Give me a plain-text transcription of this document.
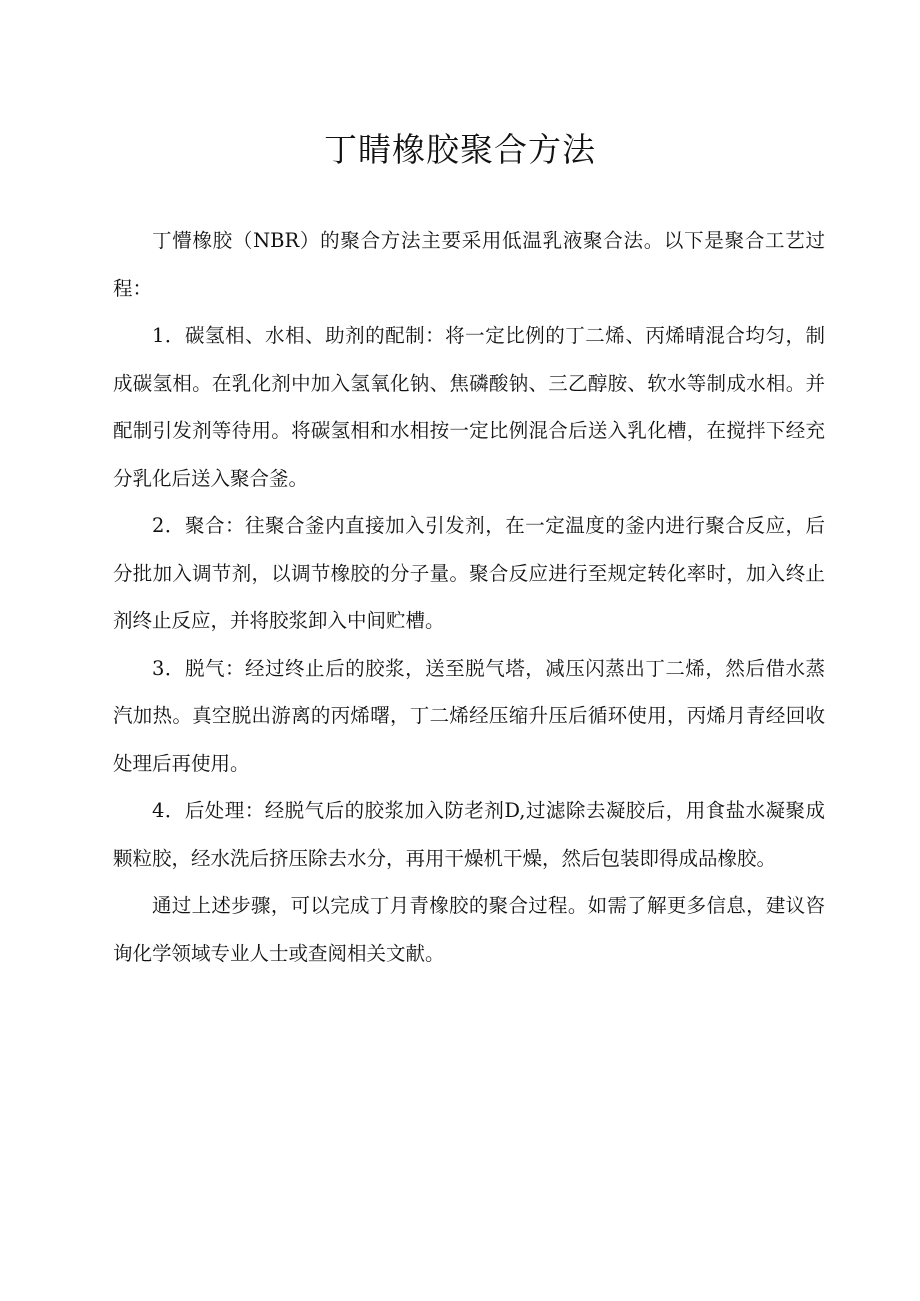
丁睛橡胶聚合方法

丁懵橡胶（NBR）的聚合方法主要采用低温乳液聚合法。以下是聚合工艺过程：

1．碳氢相、水相、助剂的配制：将一定比例的丁二烯、丙烯晴混合均匀，制成碳氢相。在乳化剂中加入氢氧化钠、焦磷酸钠、三乙醇胺、软水等制成水相。并配制引发剂等待用。将碳氢相和水相按一定比例混合后送入乳化槽，在搅拌下经充分乳化后送入聚合釜。

2．聚合：往聚合釜内直接加入引发剂，在一定温度的釜内进行聚合反应，后分批加入调节剂，以调节橡胶的分子量。聚合反应进行至规定转化率时，加入终止剂终止反应，并将胶浆卸入中间贮槽。

3．脱气：经过终止后的胶浆，送至脱气塔，减压闪蒸出丁二烯，然后借水蒸汽加热。真空脱出游离的丙烯曙，丁二烯经压缩升压后循环使用，丙烯月青经回收处理后再使用。

4．后处理：经脱气后的胶浆加入防老剂D,过滤除去凝胶后，用食盐水凝聚成颗粒胶，经水洗后挤压除去水分，再用干燥机干燥，然后包装即得成品橡胶。

通过上述步骤，可以完成丁月青橡胶的聚合过程。如需了解更多信息，建议咨询化学领域专业人士或查阅相关文献。
